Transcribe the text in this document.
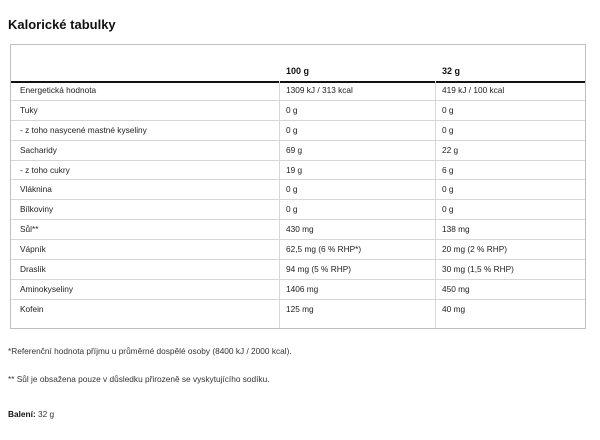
Kalorické tabulky
100 g	32 g
Energetická hodnota	1309 kJ / 313 kcal	419 kJ / 100 kcal
Tuky	0 g	0 g
- z toho nasycené mastné kyseliny	0 g	0 g
Sacharidy	69 g	22 g
- z toho cukry	19 g	6 g
Vláknina	0 g	0 g
Bílkoviny	0 g	0 g
Sůl**	430 mg	138 mg
Vápník	62,5 mg (6 % RHP*)	20 mg (2 % RHP)
Draslík	94 mg (5 % RHP)	30 mg (1,5 % RHP)
Aminokyseliny	1406 mg	450 mg
Kofein	125 mg	40 mg
*Referenční hodnota příjmu u průměrné dospělé osoby (8400 kJ / 2000 kcal).
** Sůl je obsažena pouze v důsledku přirozeně se vyskytujícího sodíku.
Balení: 32 g
